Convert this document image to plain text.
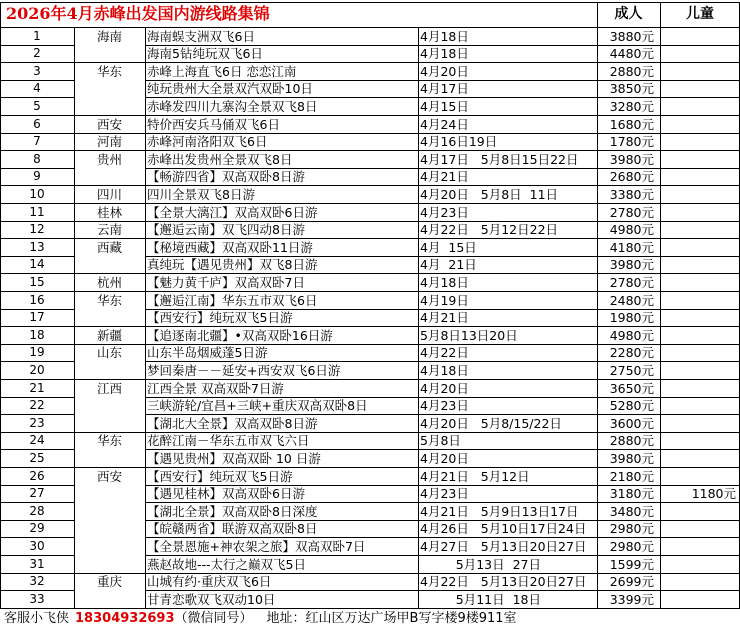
2026年4月赤峰出发国内游线路集锦	成人	儿童
1	海南	海南蜈支洲双飞6日	4月18日	3880元
2	海南5钻纯玩双飞6日	4月18日	4480元
3	华东	赤峰上海直飞6日 恋恋江南	4月20日	2880元
4	纯玩贵州大全景双汽双卧10日	4月17日	3850元
5	赤峰发四川九寨沟全景双飞8日	4月15日	3280元
6	西安	特价西安兵马俑双飞6日	4月24日	1680元
7	河南	赤峰河南洛阳双飞6日	4月16日19日	1780元
8	贵州	赤峰出发贵州全景双飞8日	4月17日   5月8日15日22日	3980元
9	【畅游四省】双高双卧8日游	4月21日	2680元
10	四川	四川全景双飞8日游	4月20日   5月8日  11日	3380元
11	桂林	【全景大漓江】双高双卧6日游	4月23日	2780元
12	云南	【邂逅云南】双飞四动8日游	4月22日   5月12日22日	4980元
13	西藏	【秘境西藏】双高双卧11日游	4月  15日	4180元
14	真纯玩【遇见贵州】双飞8日游	4月  21日	3980元
15	杭州	【魅力黄千庐】双高双卧7日	4月18日	2780元
16	华东	【邂逅江南】华东五市双飞6日	4月19日	2480元
17	【西安行】纯玩双飞5日游	4月21日	1980元
18	新疆	【追逐南北疆】•双高双卧16日游	5月8日13日20日	4980元
19	山东	山东半岛烟威蓬5日游	4月22日	2280元
20	梦回秦唐－－延安+西安双飞6日游	4月18日	2750元
21	江西	江西全景 双高双卧7日游	4月20日	3650元
22	三峡游轮/宜昌+三峡+重庆双高双卧8日	4月23日	5280元
23	【湖北大全景】双高双卧8日游	4月20日   5月8/15/22日	3600元
24	华东	花醉江南－华东五市双飞六日	5月8日	2880元
25	【遇见贵州】双高双卧 10 日游	4月20日	3980元
26	西安	【西安行】纯玩双飞5日游	4月21日   5月12日	2180元
27	【遇见桂林】双高双卧6日游	4月23日	3180元	1180元
28	【湖北全景】双高双卧8日深度	4月21日   5月9日13日17日	3480元
29	【皖赣两省】联游双高双卧8日	4月26日   5月10日17日24日	2980元
30	【全景恩施+神农架之旅】双高双卧7日	4月27日   5月13日20日27日	2980元
31	燕赵故地---太行之巅双飞5日	5月13日  27日	1599元
32	重庆	山城有约·重庆双飞6日	4月22日   5月13日20日27日	2699元
33	甘青恋歌双飞双动10日	5月11日  18日	3399元
客服小飞侠 18304932693（微信同号） 地址：红山区万达广场甲B写字楼9楼911室
